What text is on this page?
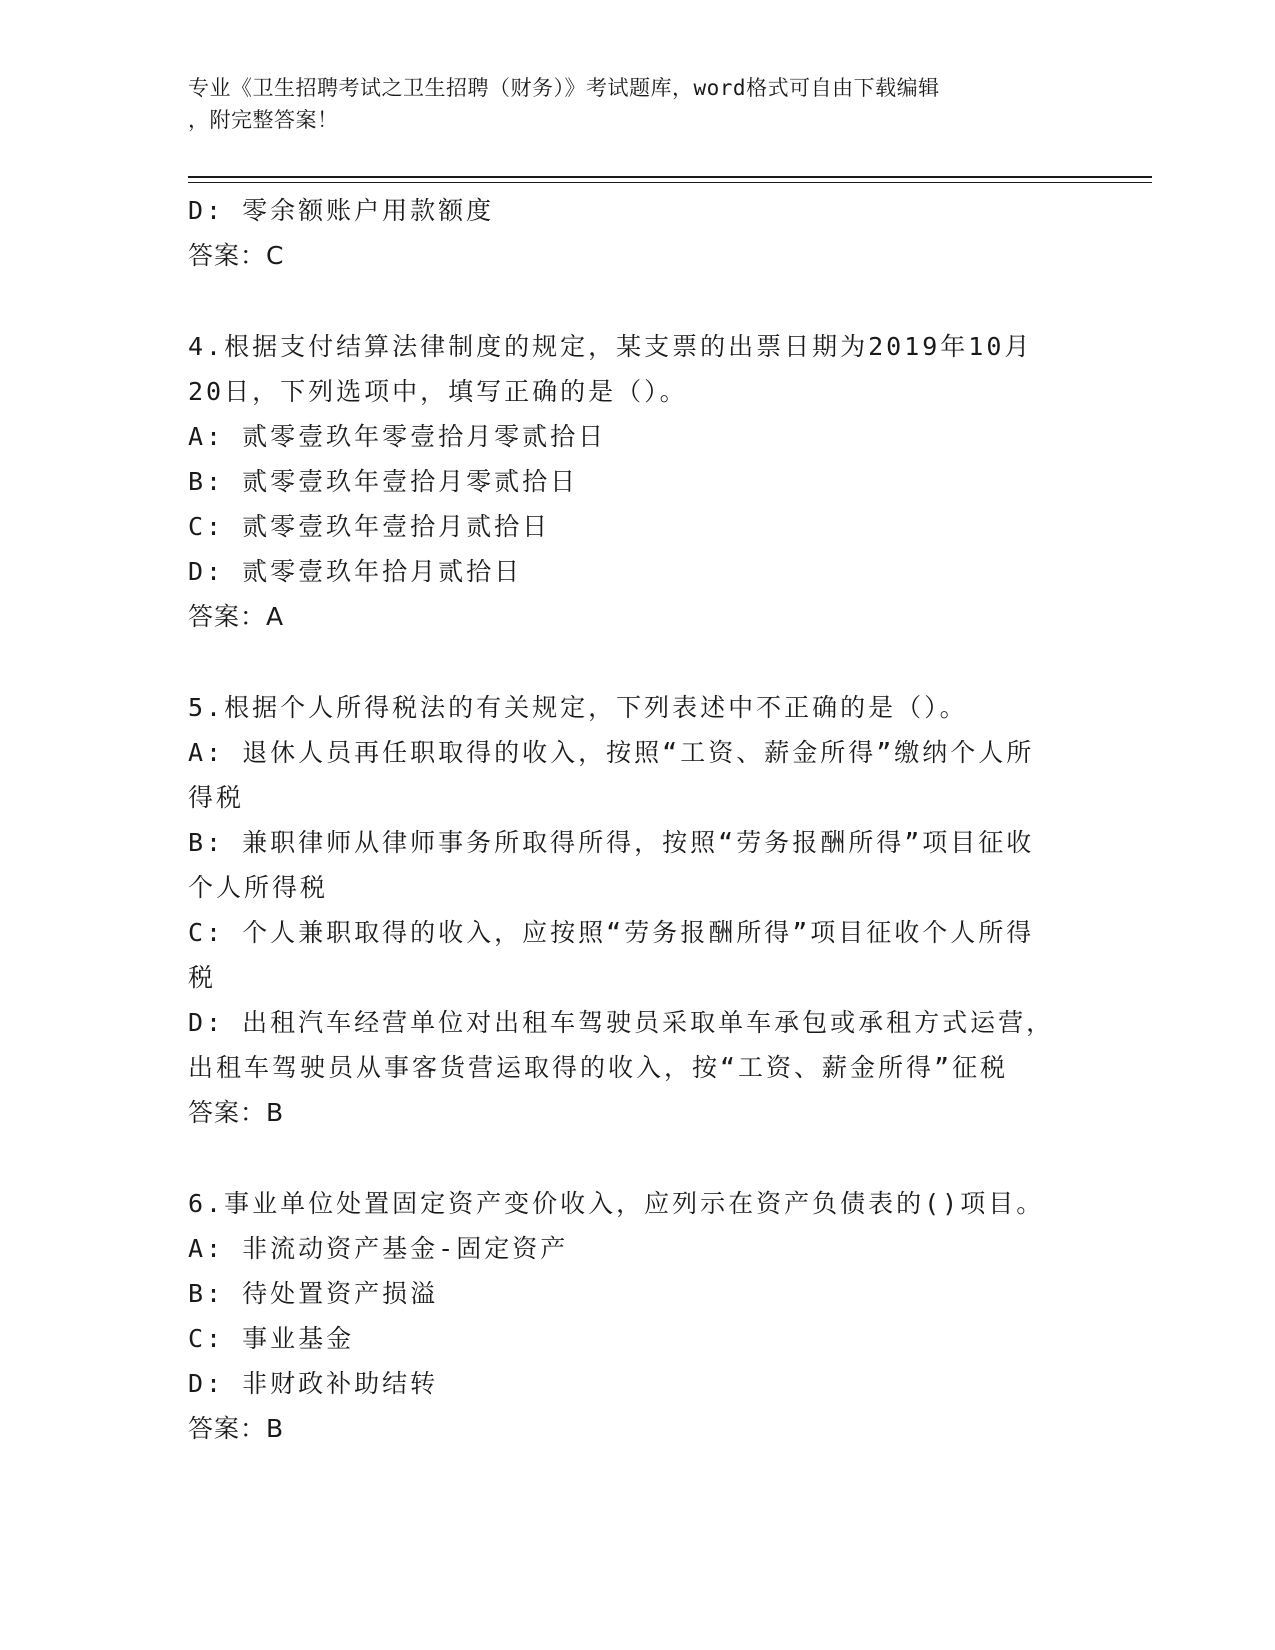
专业《卫生招聘考试之卫生招聘（财务）》考试题库，word格式可自由下载编辑
，附完整答案！
D: 零余额账户用款额度
答案：C
4.根据支付结算法律制度的规定，某支票的出票日期为2019年10月
20日，下列选项中，填写正确的是（）。
A: 贰零壹玖年零壹拾月零贰拾日
B: 贰零壹玖年壹拾月零贰拾日
C: 贰零壹玖年壹拾月贰拾日
D: 贰零壹玖年拾月贰拾日
答案：A
5.根据个人所得税法的有关规定，下列表述中不正确的是（）。
A: 退休人员再任职取得的收入，按照“工资、薪金所得”缴纳个人所
得税
B: 兼职律师从律师事务所取得所得，按照“劳务报酬所得”项目征收
个人所得税
C: 个人兼职取得的收入，应按照“劳务报酬所得”项目征收个人所得
税
D: 出租汽车经营单位对出租车驾驶员采取单车承包或承租方式运营，
出租车驾驶员从事客货营运取得的收入，按“工资、薪金所得”征税
答案：B
6.事业单位处置固定资产变价收入，应列示在资产负债表的()项目。
A: 非流动资产基金-固定资产
B: 待处置资产损溢
C: 事业基金
D: 非财政补助结转
答案：B
